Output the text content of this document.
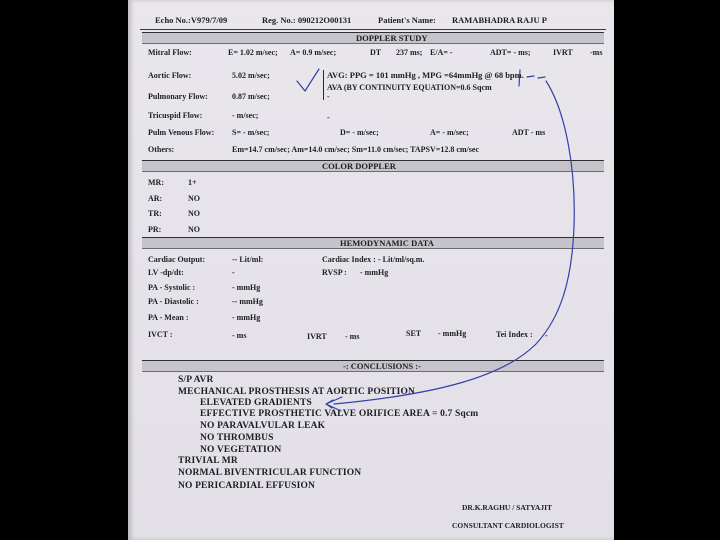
Echo No.:V979/7/09	Reg. No.: 090212O00131	Patient's Name: RAMABHADRA RAJU P
DOPPLER STUDY
Mitral Flow:	E= 1.02 m/sec; A= 0.9 m/sec;	DT 237 ms; E/A= -	ADT= - ms;	IVRT -ms
Aortic Flow:	5.02 m/sec;	AVG: PPG = 101 mmHg , MPG =64mmHg @ 68 bpm.
AVA (BY CONTINUITY EQUATION=0.6 Sqcm
-
Pulmonary Flow:	0.87 m/sec;
Tricuspid Flow:	- m/sec;	-
Pulm Venous Flow: S= - m/sec;	D= - m/sec;	A= - m/sec;	ADT - ms
Others:	Em=14.7 cm/sec; Am=14.0 cm/sec; Sm=11.0 cm/sec; TAPSV=12.8 cm/sec
COLOR DOPPLER
MR:	1+
AR:	NO
TR:	NO
PR:	NO
HEMODYNAMIC DATA
Cardiac Output:	-- Lit/ml:	Cardiac Index : - Lit/ml/sq.m.
LV -dp/dt:	-	RVSP : - mmHg
PA - Systolic :	- mmHg
PA - Diastolic :	-- mmHg
PA - Mean :	- mmHg
IVCT :	- ms	IVRT - ms	SET - mmHg	Tei Index : -
-: CONCLUSIONS :-
S/P AVR
MECHANICAL PROSTHESIS AT AORTIC POSITION
ELEVATED GRADIENTS
EFFECTIVE PROSTHETIC VALVE ORIFICE AREA = 0.7 Sqcm
NO PARAVALVULAR LEAK
NO THROMBUS
NO VEGETATION
TRIVIAL MR
NORMAL BIVENTRICULAR FUNCTION
NO PERICARDIAL EFFUSION
DR.K.RAGHU / SATYAJIT
CONSULTANT CARDIOLOGIST
